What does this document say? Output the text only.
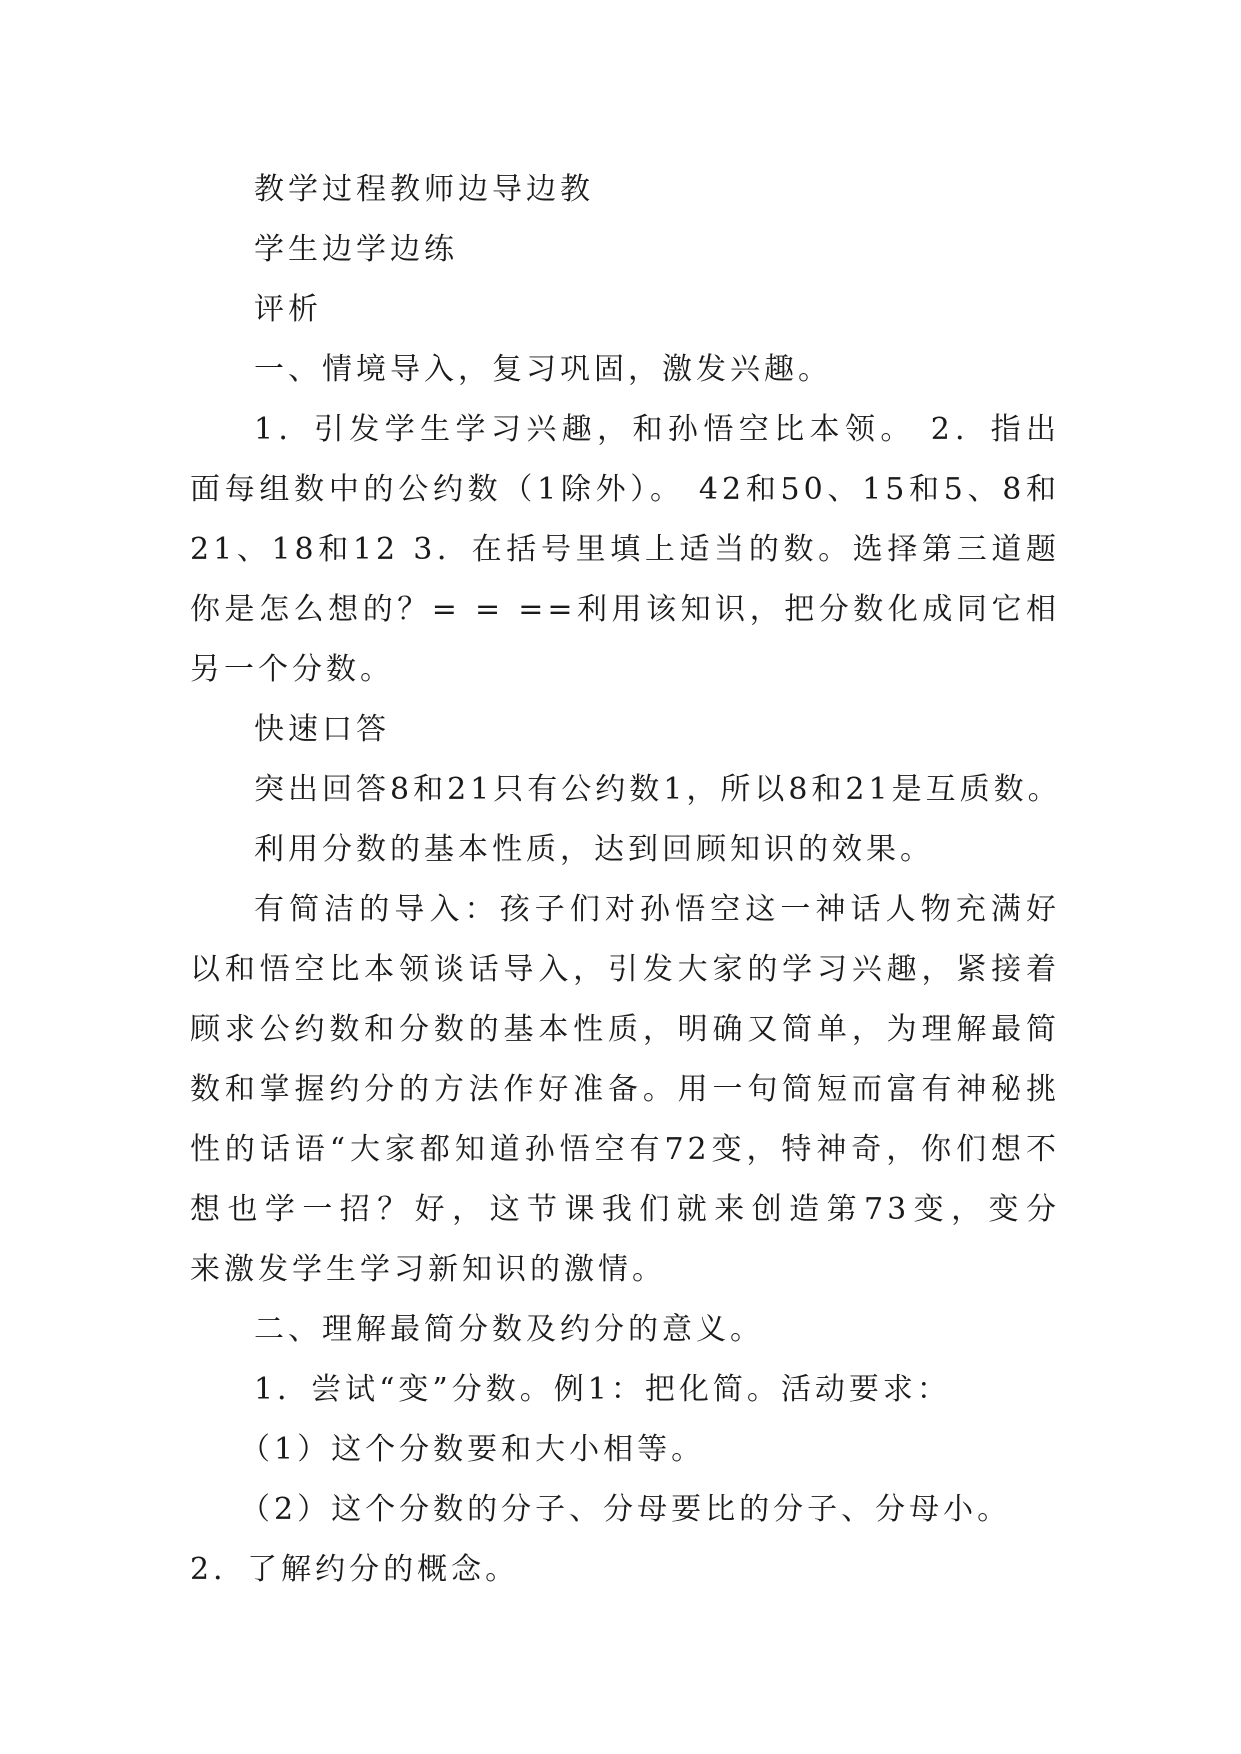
教学过程教师边导边教
学生边学边练
评析
一、情境导入，复习巩固，激发兴趣。
1．引发学生学习兴趣，和孙悟空比本领。 2．指出
面每组数中的公约数（1除外）。 42和50、15和5、8和
21、18和12 3．在括号里填上适当的数。选择第三道题
你是怎么想的？= = ==利用该知识，把分数化成同它相
另一个分数。
快速口答
突出回答8和21只有公约数1，所以8和21是互质数。
利用分数的基本性质，达到回顾知识的效果。
有简洁的导入：孩子们对孙悟空这一神话人物充满好
以和悟空比本领谈话导入，引发大家的学习兴趣，紧接着
顾求公约数和分数的基本性质，明确又简单，为理解最简
数和掌握约分的方法作好准备。用一句简短而富有神秘挑
性的话语“大家都知道孙悟空有72变，特神奇，你们想不
想也学一招？好，这节课我们就来创造第73变，变分
来激发学生学习新知识的激情。
二、理解最简分数及约分的意义。
1．尝试“变”分数。例1：把化简。活动要求：
（1）这个分数要和大小相等。
（2）这个分数的分子、分母要比的分子、分母小。
2．了解约分的概念。
